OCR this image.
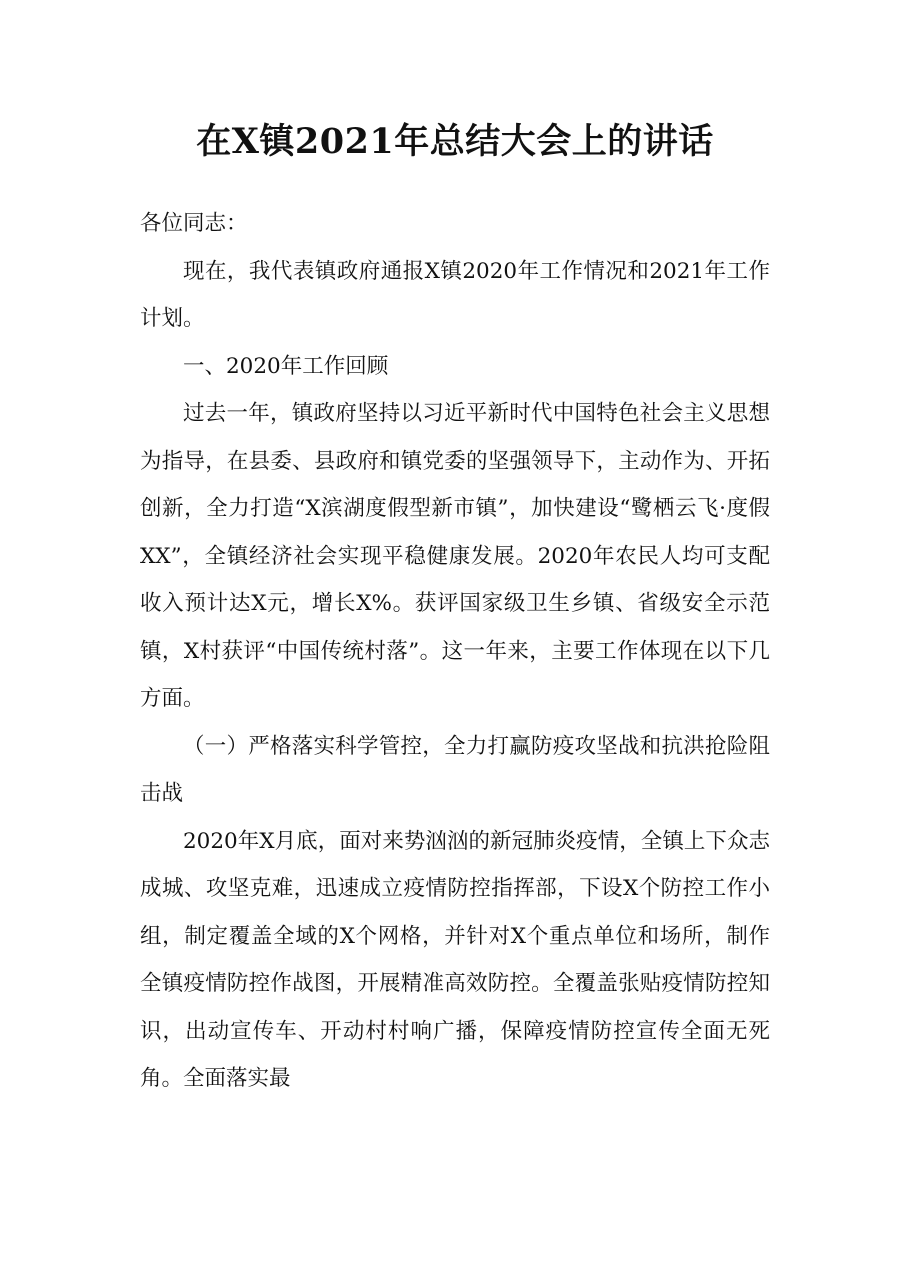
在X镇2021年总结大会上的讲话

各位同志：

现在，我代表镇政府通报X镇2020年工作情况和2021年工作计划。

一、2020年工作回顾

过去一年，镇政府坚持以习近平新时代中国特色社会主义思想为指导，在县委、县政府和镇党委的坚强领导下，主动作为、开拓创新，全力打造“X滨湖度假型新市镇”，加快建设“鹭栖云飞·度假XX”，全镇经济社会实现平稳健康发展。2020年农民人均可支配收入预计达X元，增长X%。获评国家级卫生乡镇、省级安全示范镇，X村获评“中国传统村落”。这一年来，主要工作体现在以下几方面。

（一）严格落实科学管控，全力打赢防疫攻坚战和抗洪抢险阻击战

2020年X月底，面对来势汹汹的新冠肺炎疫情，全镇上下众志成城、攻坚克难，迅速成立疫情防控指挥部，下设X个防控工作小组，制定覆盖全域的X个网格，并针对X个重点单位和场所，制作全镇疫情防控作战图，开展精准高效防控。全覆盖张贴疫情防控知识，出动宣传车、开动村村响广播，保障疫情防控宣传全面无死角。全面落实最
